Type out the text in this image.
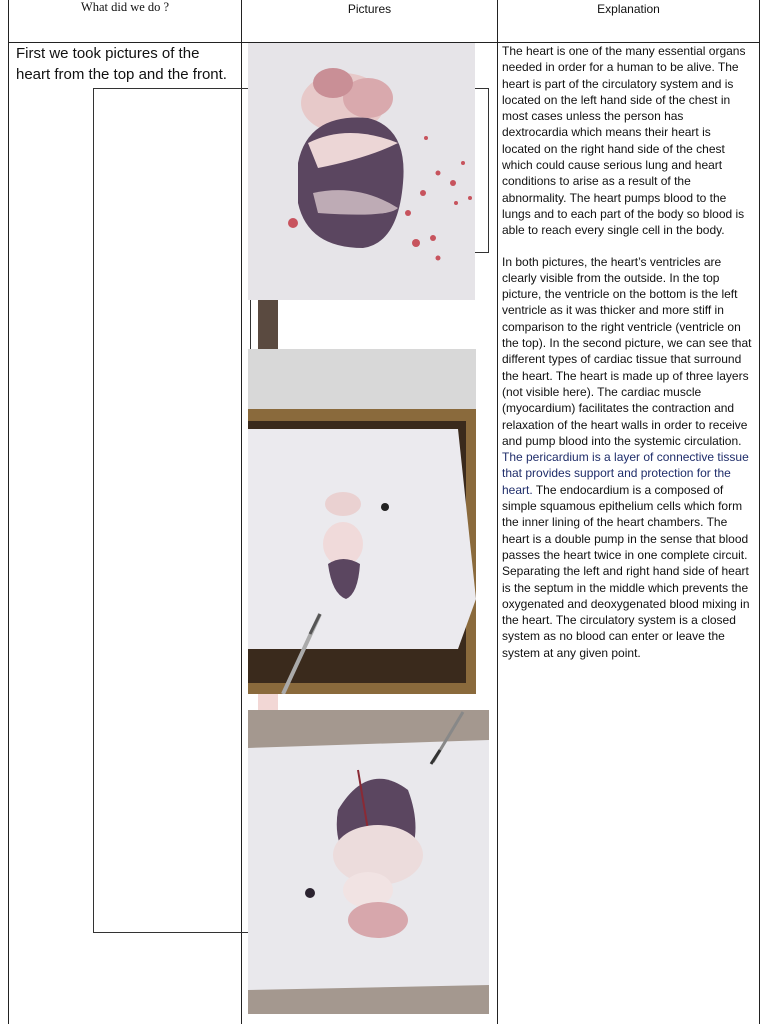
What did we do ?	Pictures	Explanation
First we took pictures of the heart from the top and the front.

The heart is one of the many essential organs needed in order for a human to be alive. The heart is part of the circulatory system and is located on the left hand side of the chest in most cases unless the person has dextrocardia which means their heart is located on the right hand side of the chest which could cause serious lung and heart conditions to arise as a result of the abnormality. The heart pumps blood to the lungs and to each part of the body so blood is able to reach every single cell in the body.

In both pictures, the heart’s ventricles are clearly visible from the outside. In the top picture, the ventricle on the bottom is the left ventricle as it was thicker and more stiff in comparison to the right ventricle (ventricle on the top). In the second picture, we can see that different types of cardiac tissue that surround the heart. The heart is made up of three layers (not visible here). The cardiac muscle (myocardium) facilitates the contraction and relaxation of the heart walls in order to receive and pump blood into the systemic circulation. The pericardium is a layer of connective tissue that provides support and protection for the heart. The endocardium is a composed of simple squamous epithelium cells which form the inner lining of the heart chambers. The heart is a double pump in the sense that blood passes the heart twice in one complete circuit. Separating the left and right hand side of heart is the septum in the middle which prevents the oxygenated and deoxygenated blood mixing in the heart. The circulatory system is a closed system as no blood can enter or leave the system at any given point.
